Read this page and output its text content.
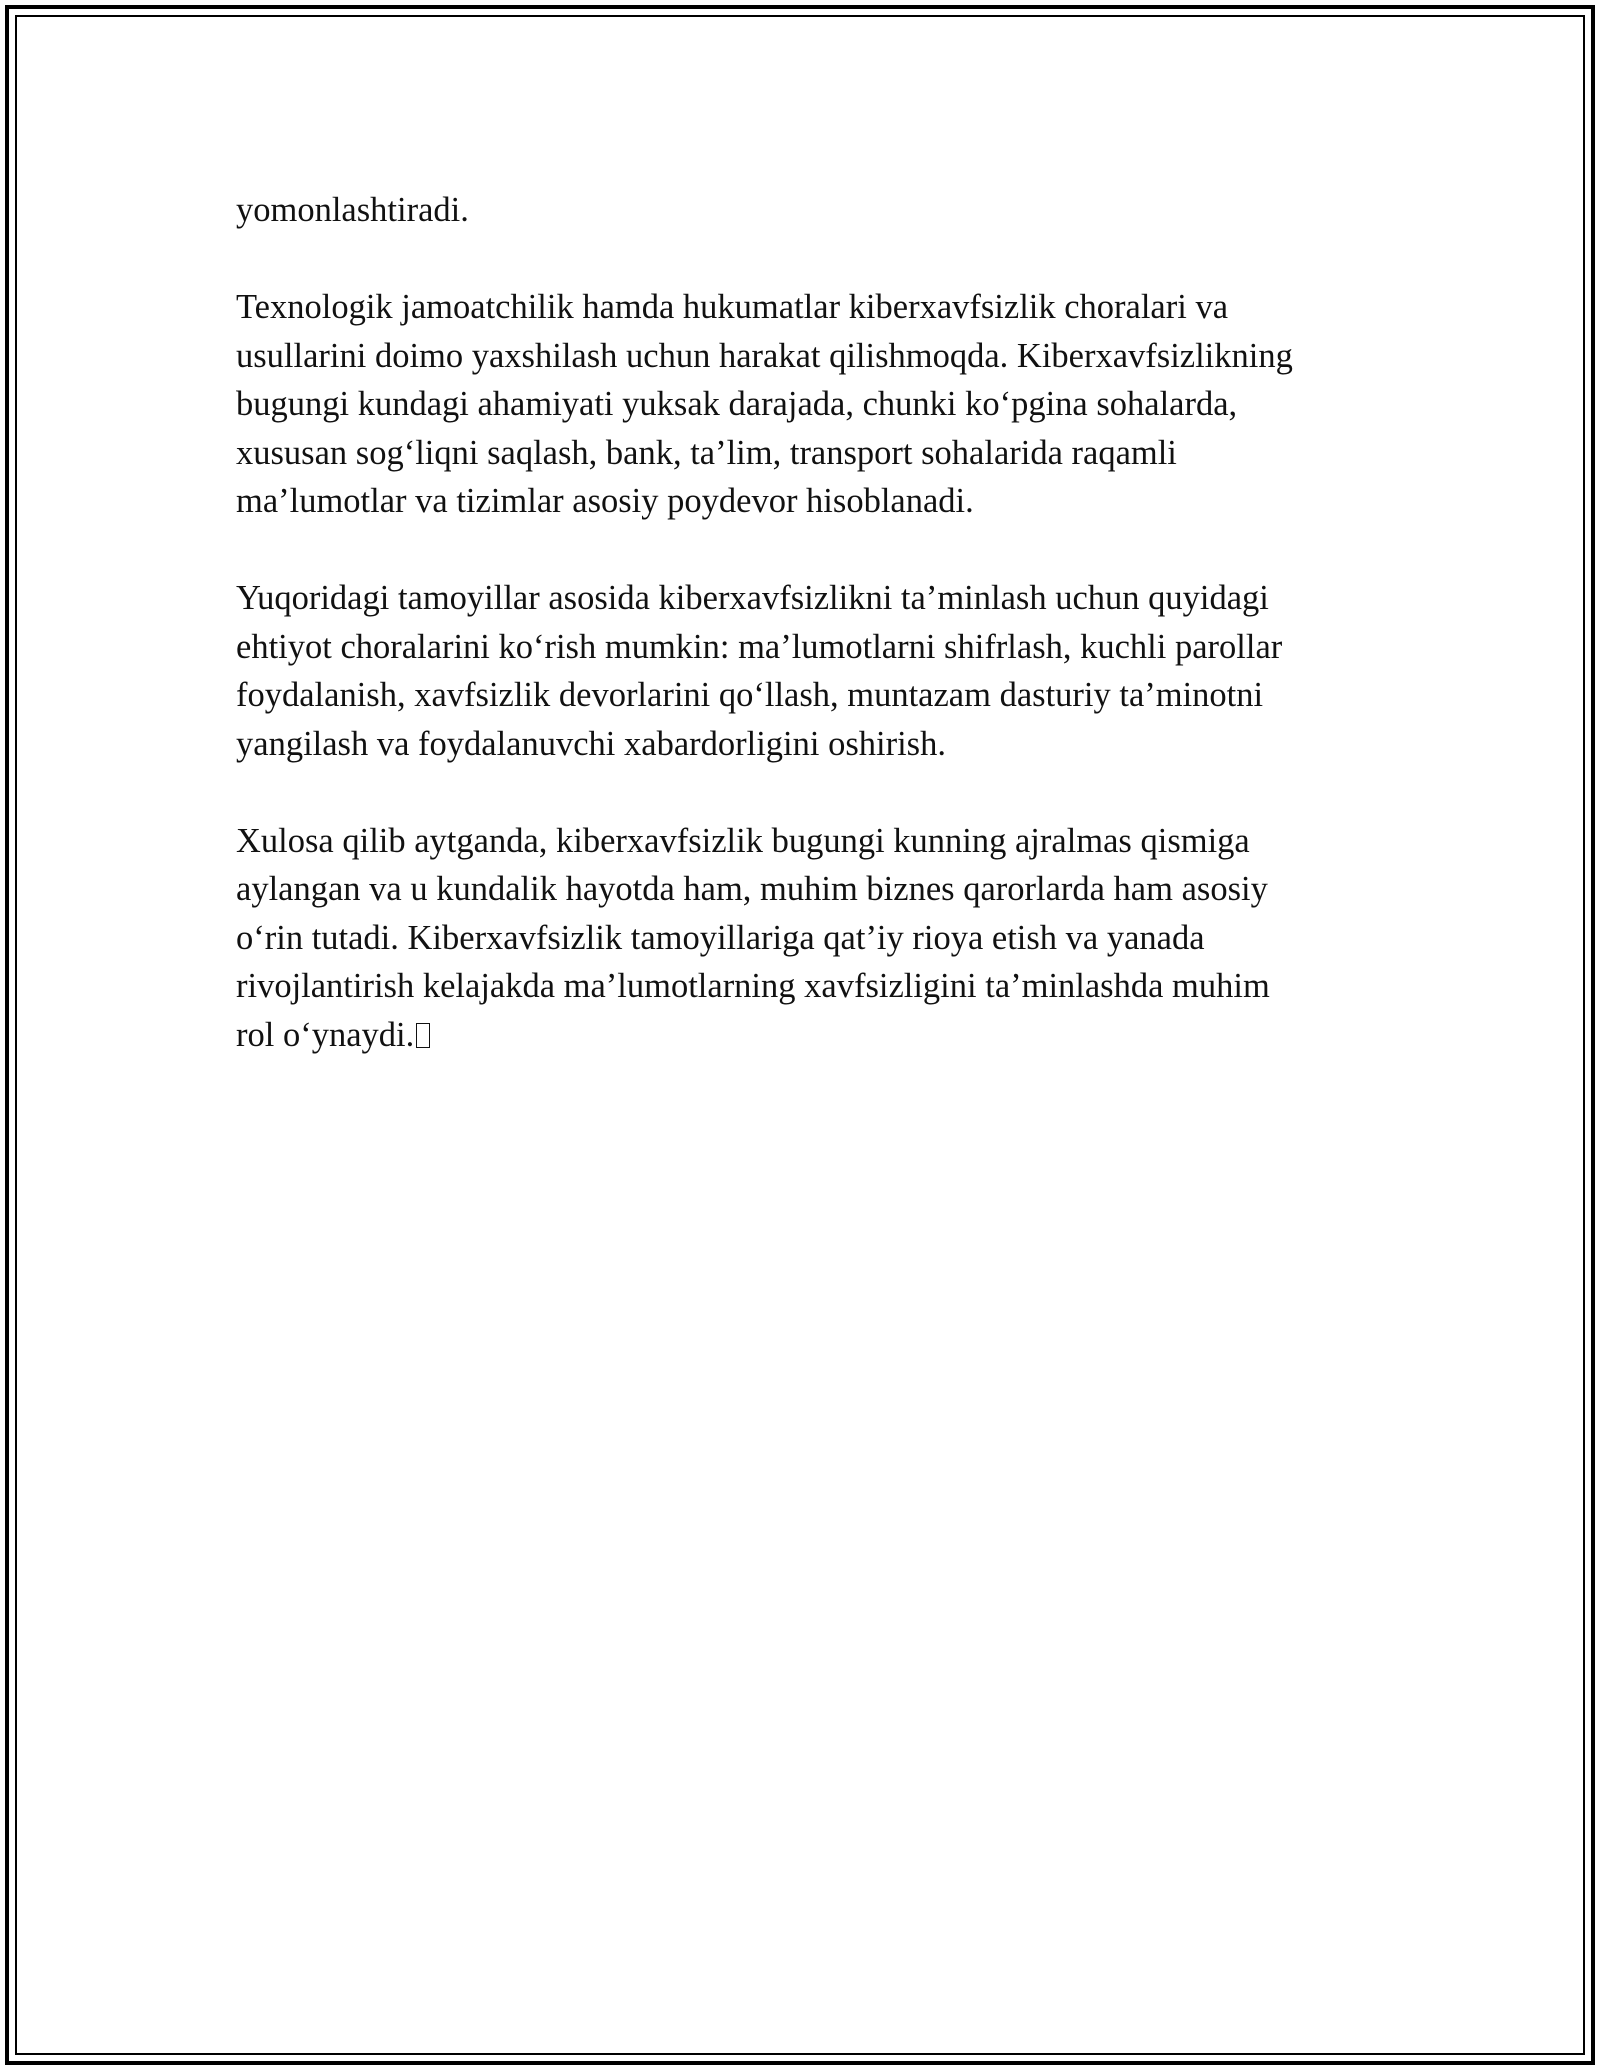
yomonlashtiradi.

Texnologik jamoatchilik hamda hukumatlar kiberxavfsizlik choralari va
usullarini doimo yaxshilash uchun harakat qilishmoqda. Kiberxavfsizlikning
bugungi kundagi ahamiyati yuksak darajada, chunki ko‘pgina sohalarda,
xususan sog‘liqni saqlash, bank, ta’lim, transport sohalarida raqamli
ma’lumotlar va tizimlar asosiy poydevor hisoblanadi.

Yuqoridagi tamoyillar asosida kiberxavfsizlikni ta’minlash uchun quyidagi
ehtiyot choralarini ko‘rish mumkin: ma’lumotlarni shifrlash, kuchli parollar
foydalanish, xavfsizlik devorlarini qo‘llash, muntazam dasturiy ta’minotni
yangilash va foydalanuvchi xabardorligini oshirish.

Xulosa qilib aytganda, kiberxavfsizlik bugungi kunning ajralmas qismiga
aylangan va u kundalik hayotda ham, muhim biznes qarorlarda ham asosiy
o‘rin tutadi. Kiberxavfsizlik tamoyillariga qat’iy rioya etish va yanada
rivojlantirish kelajakda ma’lumotlarning xavfsizligini ta’minlashda muhim
rol o‘ynaydi.
